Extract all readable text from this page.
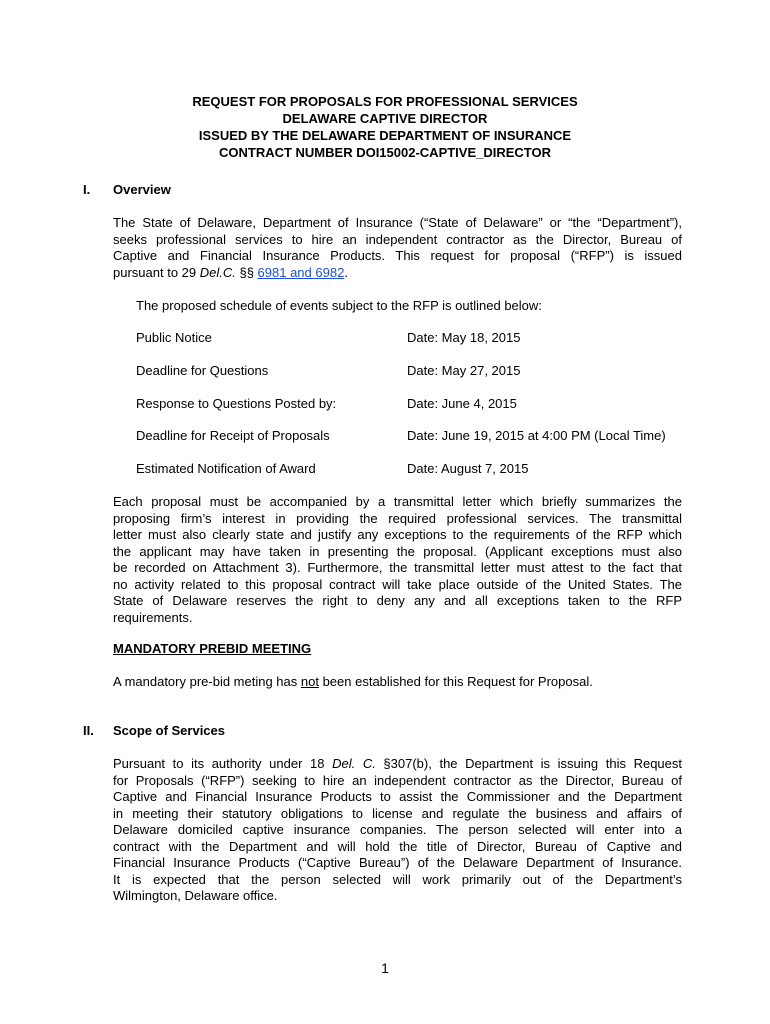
REQUEST FOR PROPOSALS FOR PROFESSIONAL SERVICES
DELAWARE CAPTIVE DIRECTOR
ISSUED BY THE DELAWARE DEPARTMENT OF INSURANCE
CONTRACT NUMBER DOI15002-CAPTIVE_DIRECTOR
I. Overview
The State of Delaware, Department of Insurance (“State of Delaware” or “the “Department”),
seeks professional services to hire an independent contractor as the Director, Bureau of
Captive and Financial Insurance Products. This request for proposal (“RFP”) is issued
pursuant to 29 Del.C. §§ 6981 and 6982.
The proposed schedule of events subject to the RFP is outlined below:
Public Notice	Date: May 18, 2015
Deadline for Questions	Date: May 27, 2015
Response to Questions Posted by:	Date: June 4, 2015
Deadline for Receipt of Proposals	Date: June 19, 2015 at 4:00 PM (Local Time)
Estimated Notification of Award	Date: August 7, 2015
Each proposal must be accompanied by a transmittal letter which briefly summarizes the
proposing firm’s interest in providing the required professional services. The transmittal
letter must also clearly state and justify any exceptions to the requirements of the RFP which
the applicant may have taken in presenting the proposal. (Applicant exceptions must also
be recorded on Attachment 3). Furthermore, the transmittal letter must attest to the fact that
no activity related to this proposal contract will take place outside of the United States. The
State of Delaware reserves the right to deny any and all exceptions taken to the RFP
requirements.
MANDATORY PREBID MEETING
A mandatory pre-bid meting has not been established for this Request for Proposal.
II. Scope of Services
Pursuant to its authority under 18 Del. C. §307(b), the Department is issuing this Request
for Proposals (“RFP”) seeking to hire an independent contractor as the Director, Bureau of
Captive and Financial Insurance Products to assist the Commissioner and the Department
in meeting their statutory obligations to license and regulate the business and affairs of
Delaware domiciled captive insurance companies. The person selected will enter into a
contract with the Department and will hold the title of Director, Bureau of Captive and
Financial Insurance Products (“Captive Bureau”) of the Delaware Department of Insurance.
It is expected that the person selected will work primarily out of the Department’s
Wilmington, Delaware office.
1
